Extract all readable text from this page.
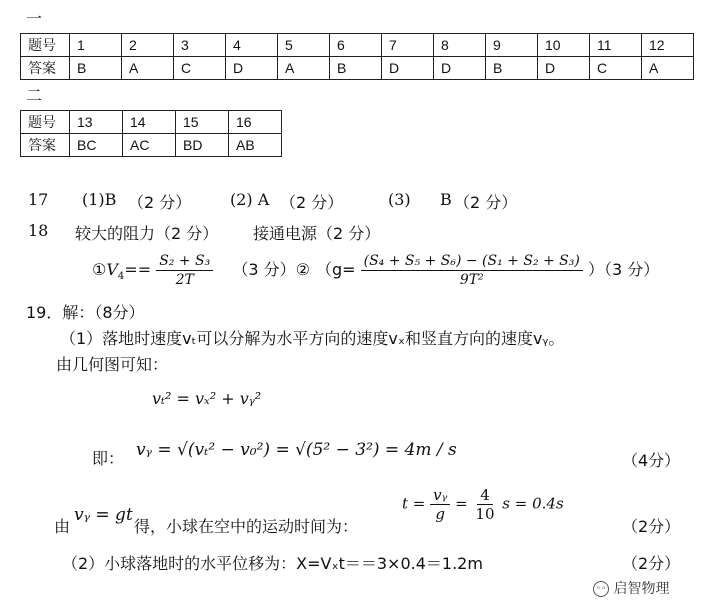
一
题号	1	2	3	4	5	6	7	8	9	10	11	12
答案	B	A	C	D	A	B	D	D	B	D	C	A
二
题号	13	14	15	16
答案	BC	AC	BD	AB
17 (1)B （2 分） (2) A （2 分）	(3) B （2 分）
18 较大的阻力（2 分） 接通电源（2 分）
$①V_4== \frac{\text{S₂ + S₃}}{2T} (3$ 分）② $(g= \frac{\text{(S₄ + S₅ + S₆) − (S₁ + S₂ + S₃)}}{\text{9T²}} )(3$ 分）
19．解：（8分）
（1）落地时速度vₜ可以分解为水平方向的速度vₓ和竖直方向的速度vᵧ。
由几何图可知：
vₜ² = vₓ² + vᵧ²
即： vᵧ = √(vₜ² − v₀²) = √(5² − 3²) = 4m / s
（4分）
由
vᵧ = gt
得，小球在空中的运动时间为：
$t = \frac{\text{vᵧ}}{g} = \frac{4}{10}$ s = 0.4s
（2分）
（2）小球落地时的水平位移为：X=Vₓt＝＝3×0.4＝1.2m	（2分）
◦◦ 启智物理
